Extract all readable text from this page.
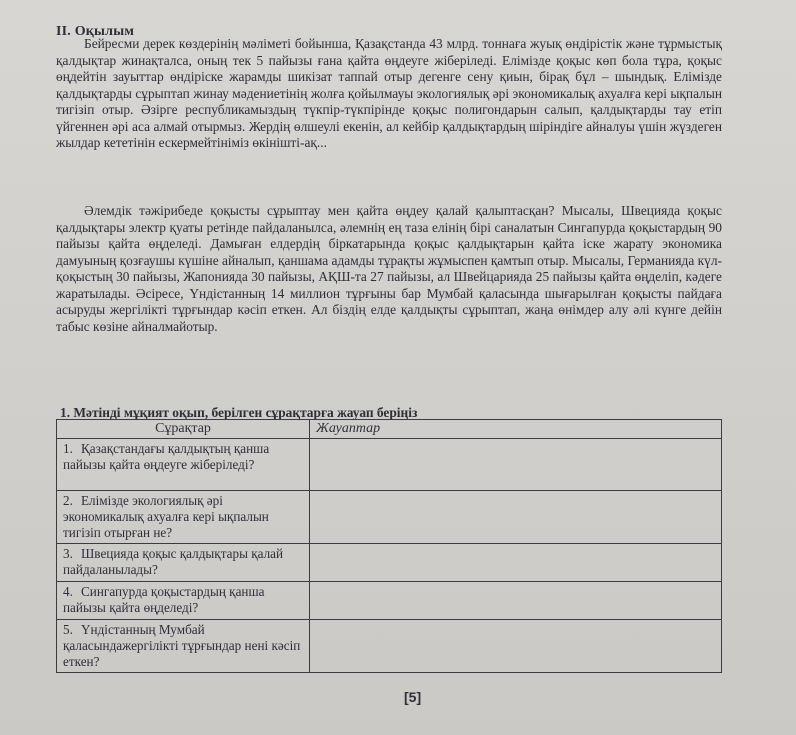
II. Оқылым

Бейресми дерек көздерінің мәліметі бойынша, Қазақстанда 43 млрд. тоннаға жуық өндірістік және тұрмыстық қалдықтар жинақталса, оның тек 5 пайызы ғана қайта өңдеуге жіберіледі. Елімізде қоқыс көп бола тұра, қоқыс өңдейтін зауыттар өндіріске жарамды шикізат таппай отыр дегенге сену қиын, бірақ бұл – шындық. Елімізде қалдықтарды сұрыптап жинау мәдениетінің жолға қойылмауы экологиялық әрі экономикалық ахуалға кері ықпалын тигізіп отыр. Әзірге республикамыздың түкпір-түкпірінде қоқыс полигондарын салып, қалдықтарды тау етіп үйгеннен әрі аса алмай отырмыз. Жердің өлшеулі екенін, ал кейбір қалдықтардың шіріндіге айналуы үшін жүздеген жылдар кететінін ескермейтініміз өкінішті-ақ...

Әлемдік тәжірибеде қоқысты сұрыптау мен қайта өңдеу қалай қалыптасқан? Мысалы, Швецияда қоқыс қалдықтары электр қуаты ретінде пайдаланылса, әлемнің ең таза елінің бірі саналатын Сингапурда қоқыстардың 90 пайызы қайта өңделеді. Дамыған елдердің біркатарында қоқыс қалдықтарын қайта іске жарату экономика дамуының қозғаушы күшіне айналып, қаншама адамды тұрақты жұмыспен қамтып отыр. Мысалы, Германияда күл-қоқыстың 30 пайызы, Жапонияда 30 пайызы, АҚШ-та 27 пайызы, ал Швейцарияда 25 пайызы қайта өңделіп, кәдеге жаратылады. Әсіресе, Үндістанның 14 миллион тұрғыны бар Мумбай қаласында шығарылған қоқысты пайдаға асыруды жергілікті тұрғындар кәсіп еткен. Ал біздің елде қалдықты сұрыптап, жаңа өнімдер алу әлі күнге дейін табыс көзіне айналмайотыр.

1. Мәтінді мұқият оқып, берілген сұрақтарға жауап беріңіз
Сұрақтар	Жауаптар
1. Қазақстандағы қалдықтың қанша пайызы қайта өңдеуге жіберіледі?	
2. Елімізде экологиялық әрі экономикалық ахуалға кері ықпалын тигізіп отырған не?	
3. Швецияда қоқыс қалдықтары қалай пайдаланылады?	
4. Сингапурда қоқыстардың қанша пайызы қайта өңделеді?	
5. Үндістанның Мумбай қаласындажергілікті тұрғындар нені кәсіп еткен?	
[5]
